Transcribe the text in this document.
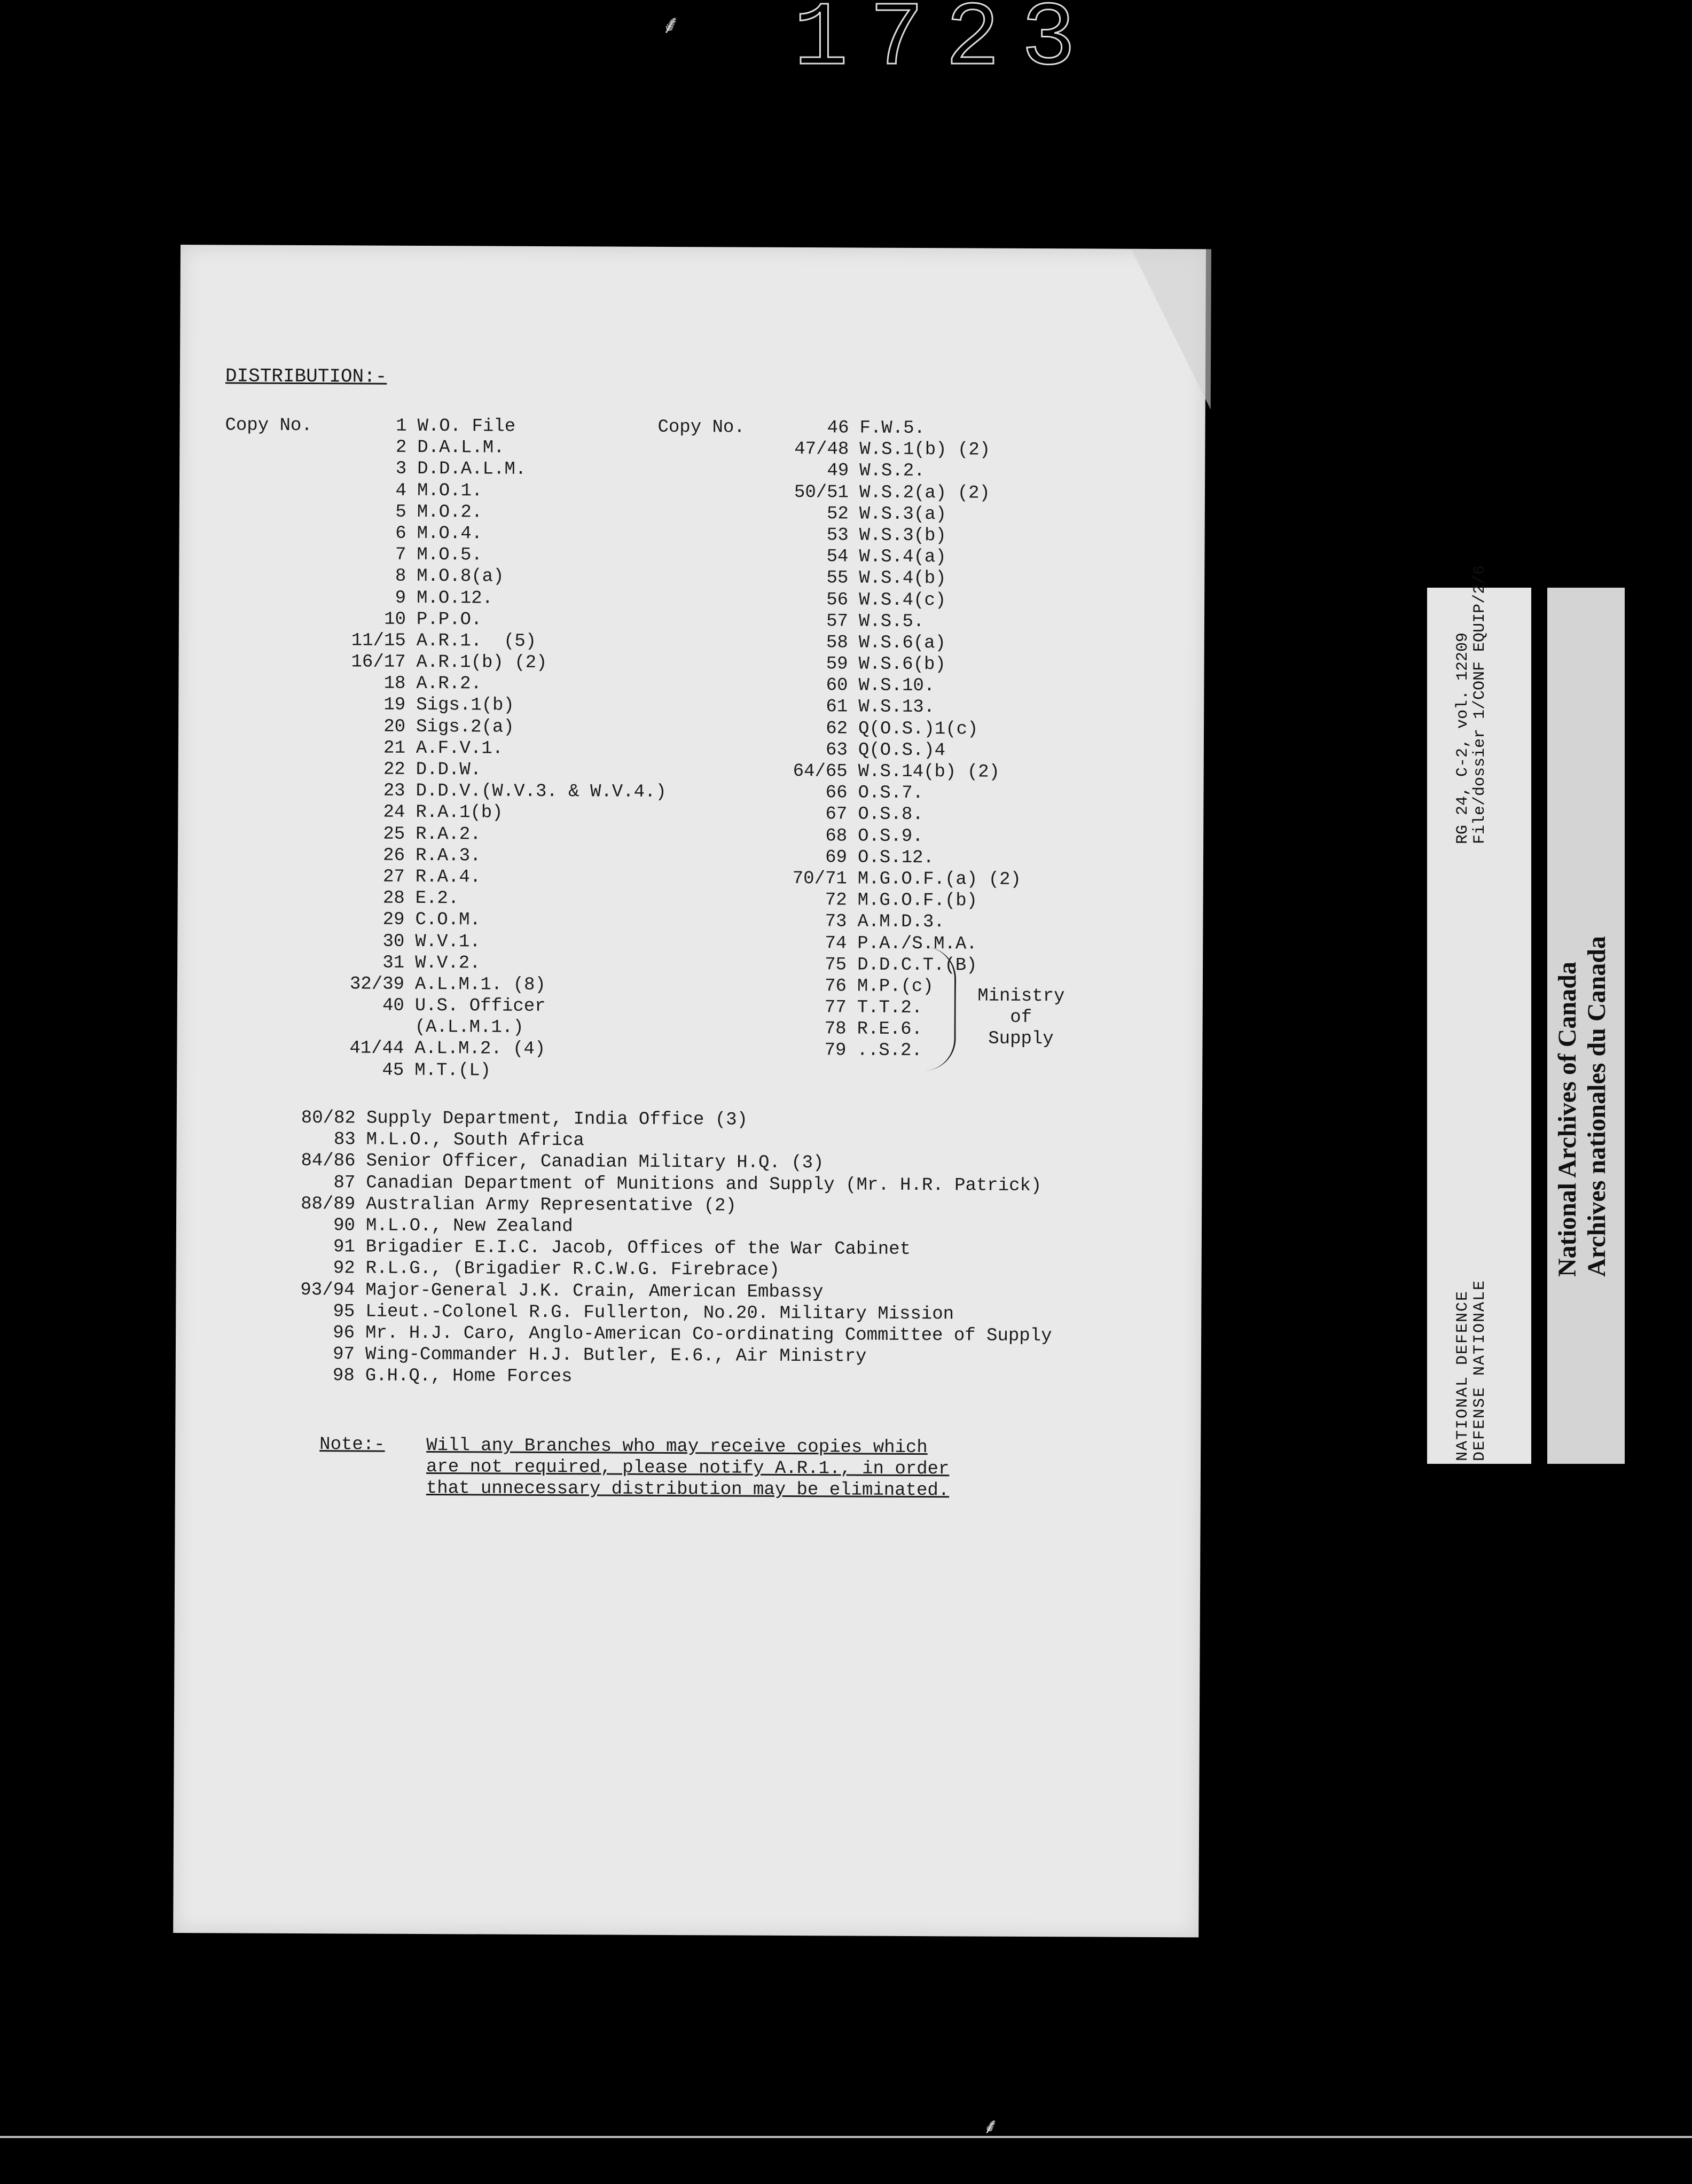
⸙	1723
DISTRIBUTION:-
Copy No.	1 W.O. File
2 D.A.L.M.
3 D.D.A.L.M.
4 M.O.1.
5 M.O.2.
6 M.O.4.
7 M.O.5.
8 M.O.8(a)
9 M.O.12.
10 P.P.O.
11/15 A.R.1.  (5)
16/17 A.R.1(b) (2)
18 A.R.2.
19 Sigs.1(b)
20 Sigs.2(a)
21 A.F.V.1.
22 D.D.W.
23 D.D.V.(W.V.3. & W.V.4.)
24 R.A.1(b)
25 R.A.2.
26 R.A.3.
27 R.A.4.
28 E.2.
29 C.O.M.
30 W.V.1.
31 W.V.2.
32/39 A.L.M.1. (8)
40 U.S. Officer
(A.L.M.1.)
41/44 A.L.M.2. (4)
45 M.T.(L)
Copy No.	46 F.W.5.
47/48 W.S.1(b) (2)
49 W.S.2.
50/51 W.S.2(a) (2)
52 W.S.3(a)
53 W.S.3(b)
54 W.S.4(a)
55 W.S.4(b)
56 W.S.4(c)
57 W.S.5.
58 W.S.6(a)
59 W.S.6(b)
60 W.S.10.
61 W.S.13.
62 Q(O.S.)1(c)
63 Q(O.S.)4
64/65 W.S.14(b) (2)
66 O.S.7.
67 O.S.8.
68 O.S.9.
69 O.S.12.
70/71 M.G.O.F.(a) (2)
72 M.G.O.F.(b)
73 A.M.D.3.
74 P.A./S.M.A.
75 D.D.C.T.(B)
76 M.P.(c)
77 T.T.2.
78 R.E.6.
79 ..S.2.
Ministry
of
Supply
80/82 Supply Department, India Office (3)
83 M.L.O., South Africa
84/86 Senior Officer, Canadian Military H.Q. (3)
87 Canadian Department of Munitions and Supply (Mr. H.R. Patrick)
88/89 Australian Army Representative (2)
90 M.L.O., New Zealand
91 Brigadier E.I.C. Jacob, Offices of the War Cabinet
92 R.L.G., (Brigadier R.C.W.G. Firebrace)
93/94 Major-General J.K. Crain, American Embassy
95 Lieut.-Colonel R.G. Fullerton, No.20. Military Mission
96 Mr. H.J. Caro, Anglo-American Co-ordinating Committee of Supply
97 Wing-Commander H.J. Butler, E.6., Air Ministry
98 G.H.Q., Home Forces
Note:- Will any Branches who may receive copies which
are not required, please notify A.R.1., in order
that unnecessary distribution may be eliminated.
RG 24, C-2, vol. 12209
File/dossier 1/CONF EQUIP/2/6
NATIONAL DEFENCE
DEFENSE NATIONALE
National Archives of Canada Archives nationales du Canada
⸙
